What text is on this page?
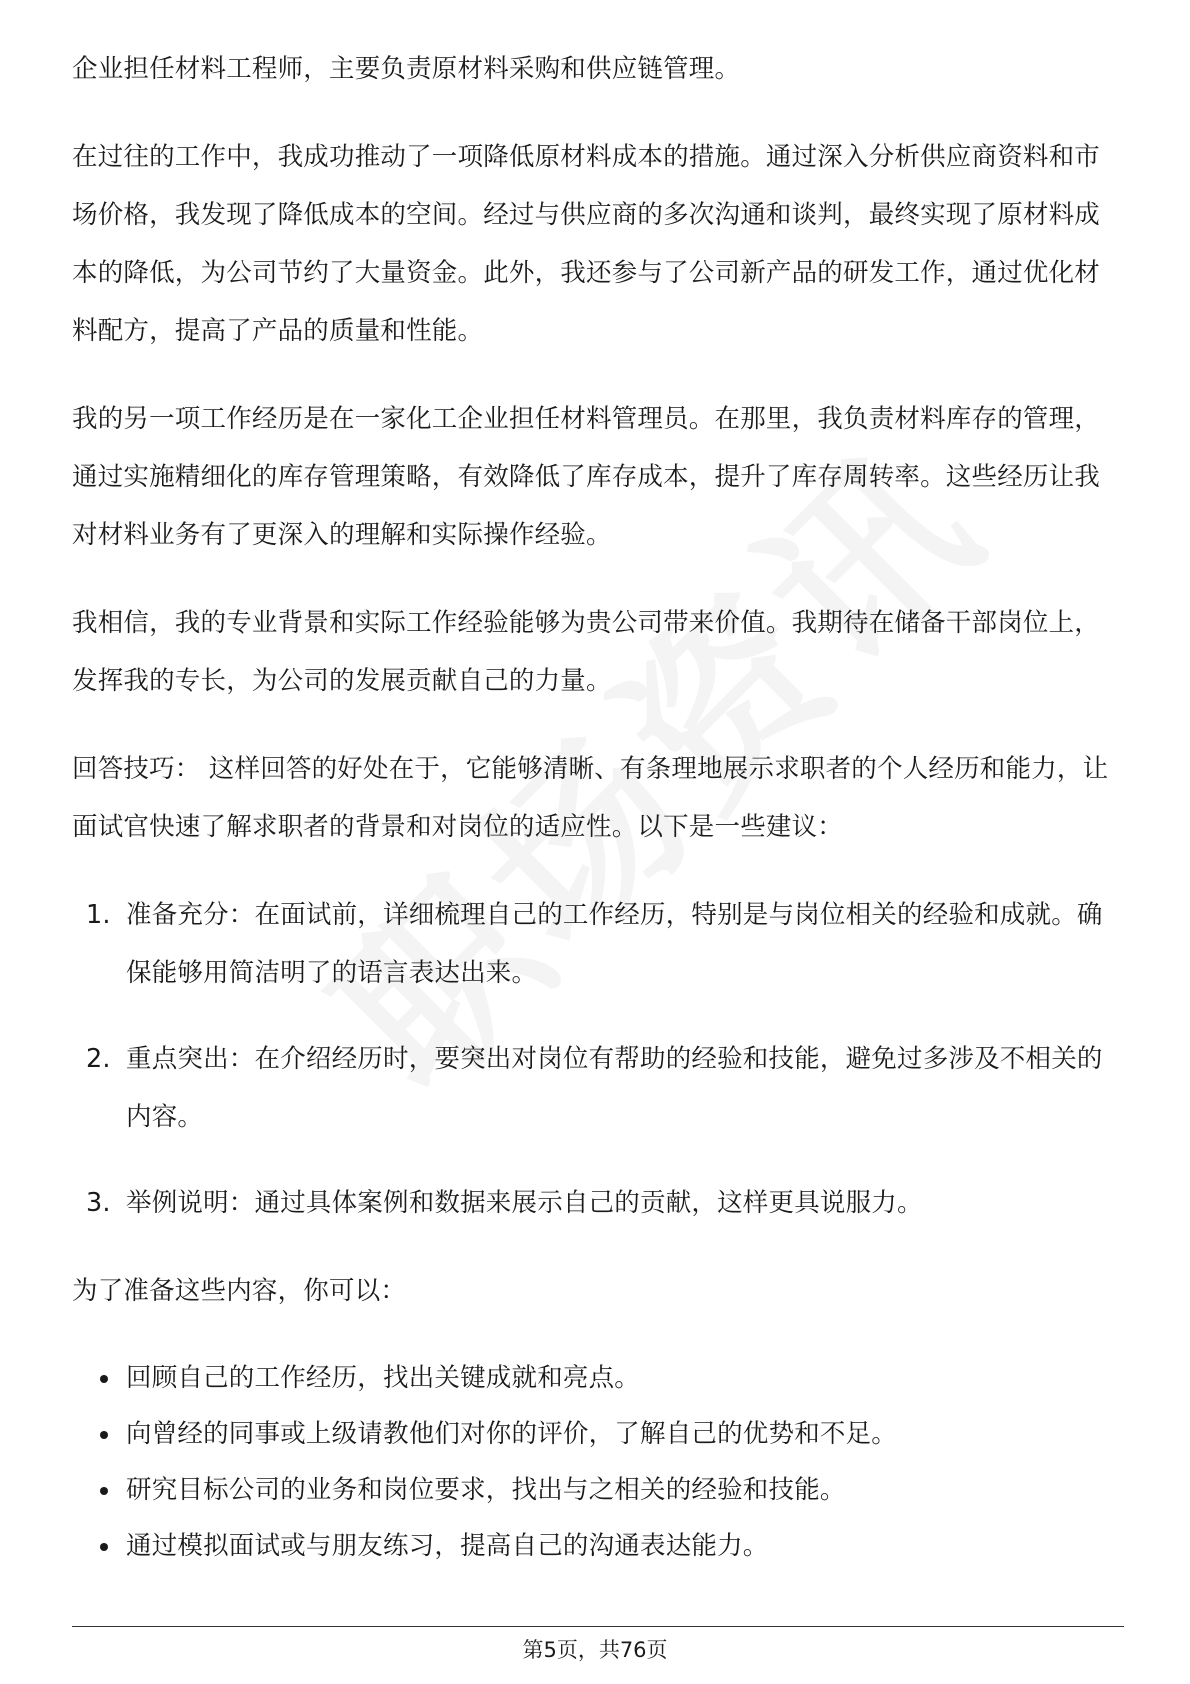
企业担任材料工程师，主要负责原材料采购和供应链管理。

在过往的工作中，我成功推动了一项降低原材料成本的措施。通过深入分析供应商资料和市场价格，我发现了降低成本的空间。经过与供应商的多次沟通和谈判，最终实现了原材料成本的降低，为公司节约了大量资金。此外，我还参与了公司新产品的研发工作，通过优化材料配方，提高了产品的质量和性能。

我的另一项工作经历是在一家化工企业担任材料管理员。在那里，我负责材料库存的管理，通过实施精细化的库存管理策略，有效降低了库存成本，提升了库存周转率。这些经历让我对材料业务有了更深入的理解和实际操作经验。

我相信，我的专业背景和实际工作经验能够为贵公司带来价值。我期待在储备干部岗位上，发挥我的专长，为公司的发展贡献自己的力量。

回答技巧： 这样回答的好处在于，它能够清晰、有条理地展示求职者的个人经历和能力，让面试官快速了解求职者的背景和对岗位的适应性。以下是一些建议：

1. 准备充分：在面试前，详细梳理自己的工作经历，特别是与岗位相关的经验和成就。确保能够用简洁明了的语言表达出来。
2. 重点突出：在介绍经历时，要突出对岗位有帮助的经验和技能，避免过多涉及不相关的内容。
3. 举例说明：通过具体案例和数据来展示自己的贡献，这样更具说服力。

为了准备这些内容，你可以：

回顾自己的工作经历，找出关键成就和亮点。
向曾经的同事或上级请教他们对你的评价，了解自己的优势和不足。
研究目标公司的业务和岗位要求，找出与之相关的经验和技能。
通过模拟面试或与朋友练习，提高自己的沟通表达能力。
第5页，共76页
